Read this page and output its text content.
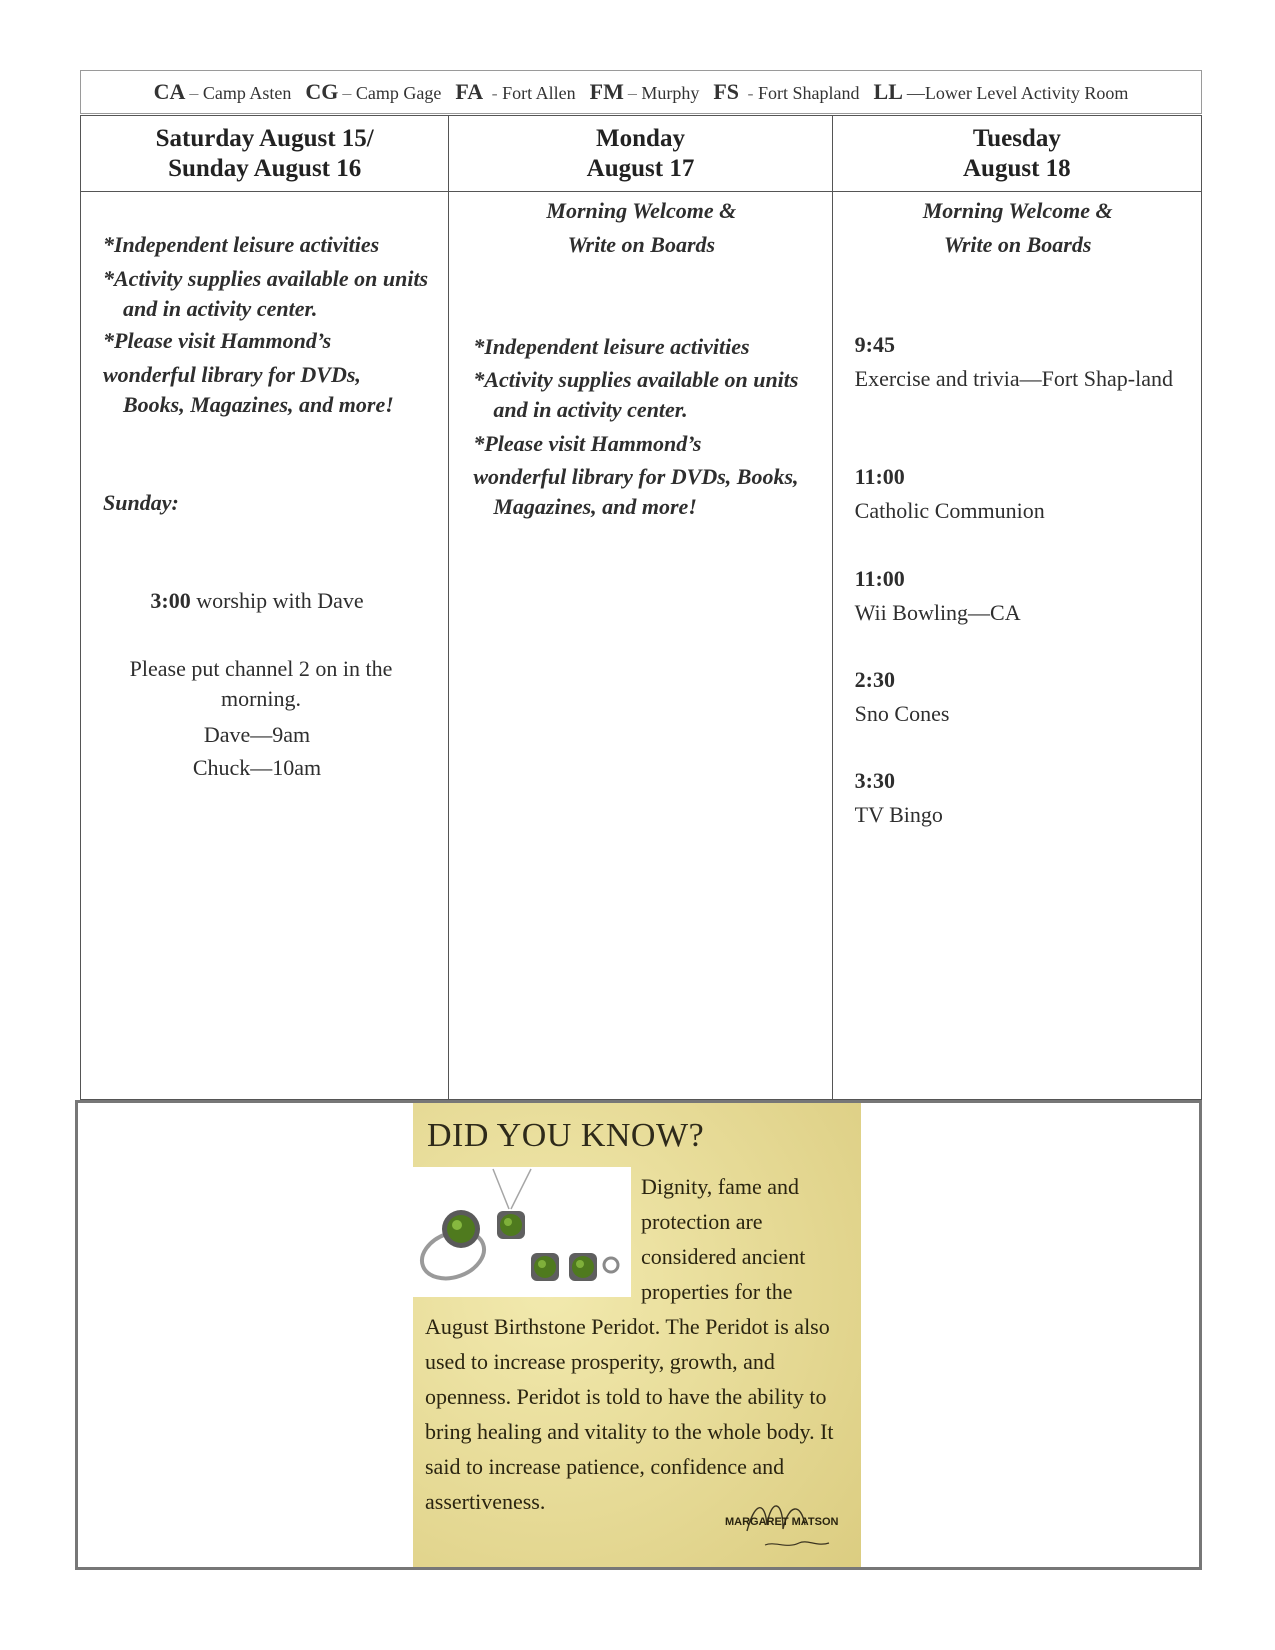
CA – Camp Asten CG – Camp Gage FA - Fort Allen FM – Murphy FS - Fort Shapland LL —Lower Level Activity Room
Saturday August 15/
Sunday August 16
*Independent leisure activities
*Activity supplies available on units and in activity center.
*Please visit Hammond’s
wonderful library for DVDs, Books, Magazines, and more!
Sunday:
3:00 worship with Dave
Please put channel 2 on in the morning.
Dave—9am
Chuck—10am
Monday
August 17
Morning Welcome &
Write on Boards
*Independent leisure activities
*Activity supplies available on units and in activity center.
*Please visit Hammond’s
wonderful library for DVDs, Books, Magazines, and more!
Tuesday
August 18
Morning Welcome &
Write on Boards
9:45
Exercise and trivia—Fort Shap-land
11:00
Catholic Communion
11:00
Wii Bowling—CA
2:30
Sno Cones
3:30
TV Bingo
DID YOU KNOW?
Dignity, fame and protection are considered ancient properties for the August Birthstone Peridot. The Peridot is also used to increase prosperity, growth, and openness. Peridot is told to have the ability to bring healing and vitality to the whole body. It said to increase patience, confidence and assertiveness.
MARGARET MATSON
